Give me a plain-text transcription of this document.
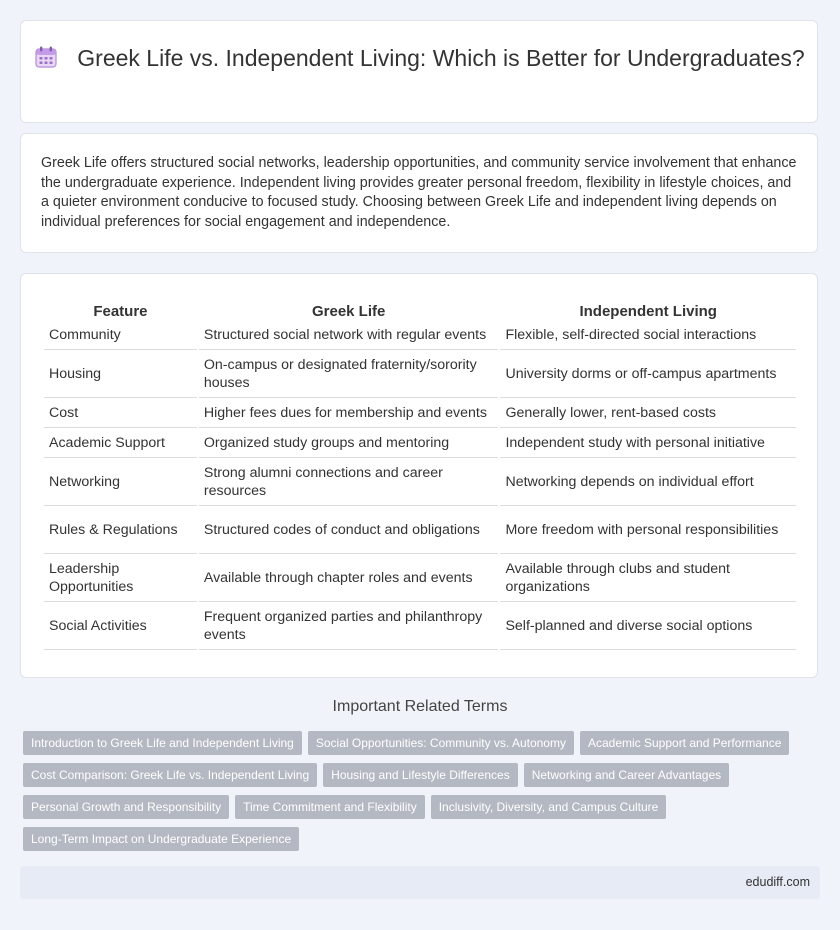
Greek Life vs. Independent Living: Which is Better for Undergraduates?

Greek Life offers structured social networks, leadership opportunities, and community service involvement that enhance the undergraduate experience. Independent living provides greater personal freedom, flexibility in lifestyle choices, and a quieter environment conducive to focused study. Choosing between Greek Life and independent living depends on individual preferences for social engagement and independence.

Feature	Greek Life	Independent Living
Community	Structured social network with regular events	Flexible, self-directed social interactions
Housing	On-campus or designated fraternity/sorority houses	University dorms or off-campus apartments
Cost	Higher fees dues for membership and events	Generally lower, rent-based costs
Academic Support	Organized study groups and mentoring	Independent study with personal initiative
Networking	Strong alumni connections and career resources	Networking depends on individual effort
Rules & Regulations	Structured codes of conduct and obligations	More freedom with personal responsibilities
Leadership Opportunities	Available through chapter roles and events	Available through clubs and student organizations
Social Activities	Frequent organized parties and philanthropy events	Self-planned and diverse social options
Important Related Terms
Introduction to Greek Life and Independent Living	Social Opportunities: Community vs. Autonomy	Academic Support and Performance
Cost Comparison: Greek Life vs. Independent Living	Housing and Lifestyle Differences	Networking and Career Advantages
Personal Growth and Responsibility	Time Commitment and Flexibility	Inclusivity, Diversity, and Campus Culture
Long-Term Impact on Undergraduate Experience
edudiff.com
